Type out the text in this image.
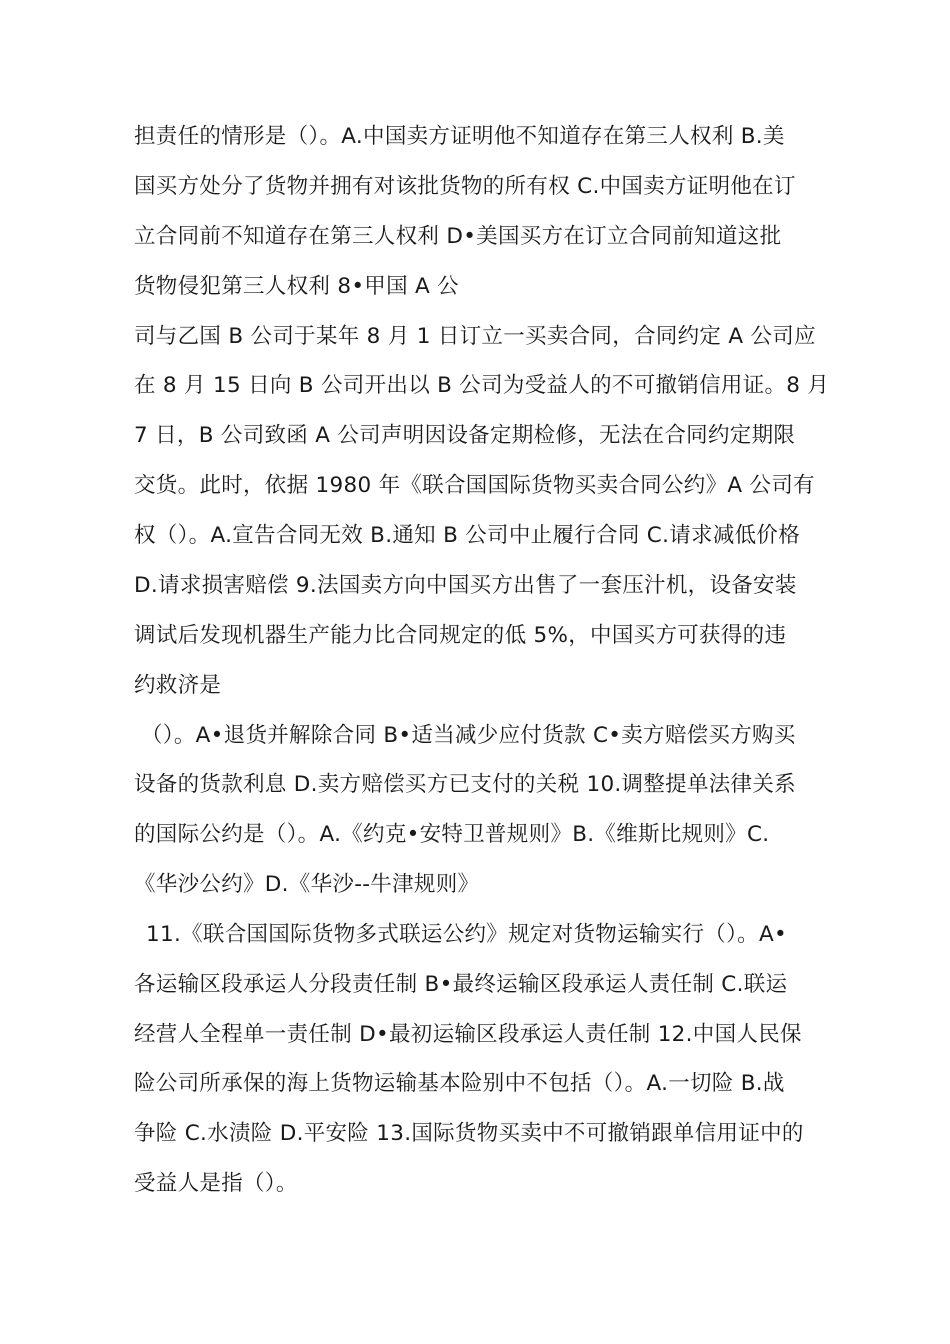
担责任的情形是（）。A.中国卖方证明他不知道存在第三人权利 B.美
国买方处分了货物并拥有对该批货物的所有权 C.中国卖方证明他在订
立合同前不知道存在第三人权利 D•美国买方在订立合同前知道这批
货物侵犯第三人权利 8•甲国 A 公
司与乙国 B 公司于某年 8 月 1 日订立一买卖合同，合同约定 A 公司应
在 8 月 15 日向 B 公司开出以 B 公司为受益人的不可撤销信用证。8 月
7 日，B 公司致函 A 公司声明因设备定期检修，无法在合同约定期限
交货。此时，依据 1980 年《联合国国际货物买卖合同公约》A 公司有
权（）。A.宣告合同无效 B.通知 B 公司中止履行合同 C.请求减低价格
D.请求损害赔偿 9.法国卖方向中国买方出售了一套压汁机，设备安装
调试后发现机器生产能力比合同规定的低 5%，中国买方可获得的违
约救济是
（）。A•退货并解除合同 B•适当减少应付货款 C•卖方赔偿买方购买
设备的货款利息 D.卖方赔偿买方已支付的关税 10.调整提单法律关系
的国际公约是（）。A.《约克•安特卫普规则》B.《维斯比规则》C.
《华沙公约》D.《华沙--牛津规则》
11.《联合国国际货物多式联运公约》规定对货物运输实行（）。A•
各运输区段承运人分段责任制 B•最终运输区段承运人责任制 C.联运
经营人全程单一责任制 D•最初运输区段承运人责任制 12.中国人民保
险公司所承保的海上货物运输基本险别中不包括（）。A.一切险 B.战
争险 C.水渍险 D.平安险 13.国际货物买卖中不可撤销跟单信用证中的
受益人是指（）。
